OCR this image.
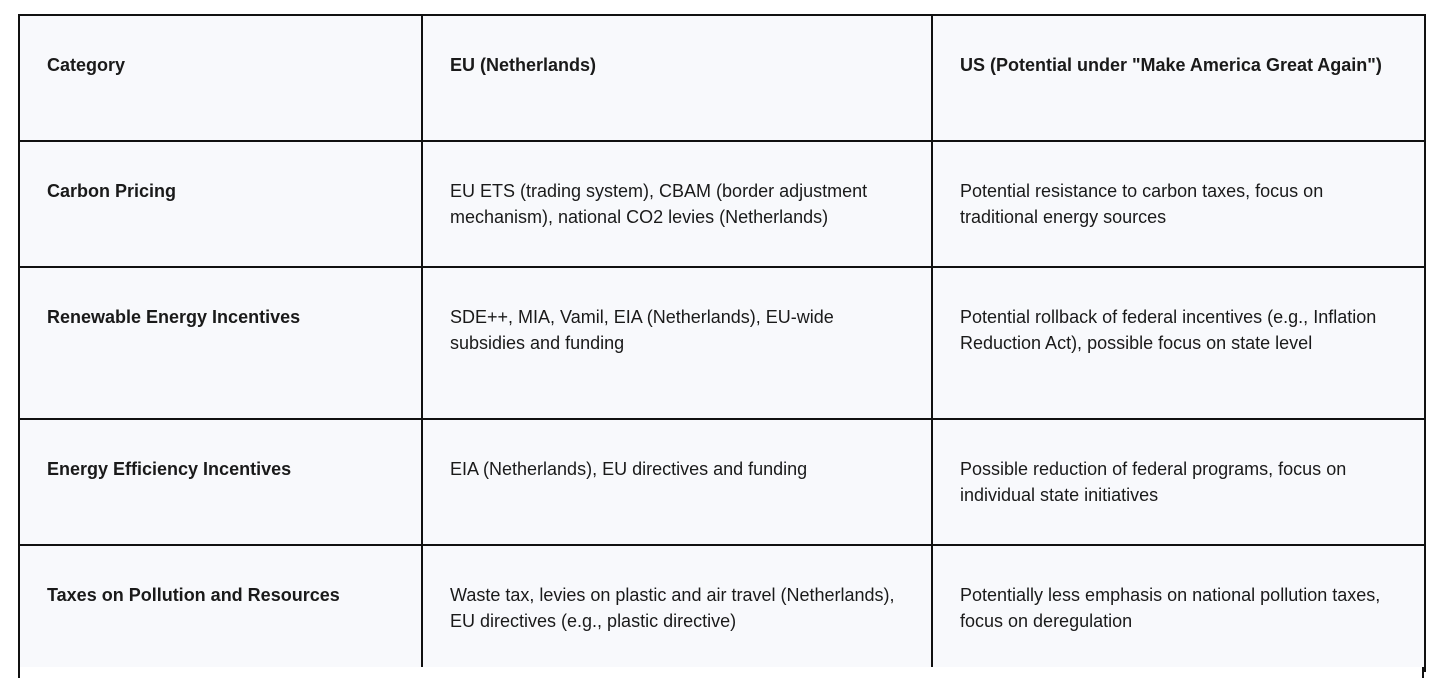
Category	EU (Netherlands)	US (Potential under "Make America Great Again")
Carbon Pricing	EU ETS (trading system), CBAM (border adjustment mechanism), national CO2 levies (Netherlands)	Potential resistance to carbon taxes, focus on traditional energy sources
Renewable Energy Incentives	SDE++, MIA, Vamil, EIA (Netherlands), EU-wide subsidies and funding	Potential rollback of federal incentives (e.g., Inflation Reduction Act), possible focus on state level
Energy Efficiency Incentives	EIA (Netherlands), EU directives and funding	Possible reduction of federal programs, focus on individual state initiatives
Taxes on Pollution and Resources	Waste tax, levies on plastic and air travel (Netherlands), EU directives (e.g., plastic directive)	Potentially less emphasis on national pollution taxes, focus on deregulation
